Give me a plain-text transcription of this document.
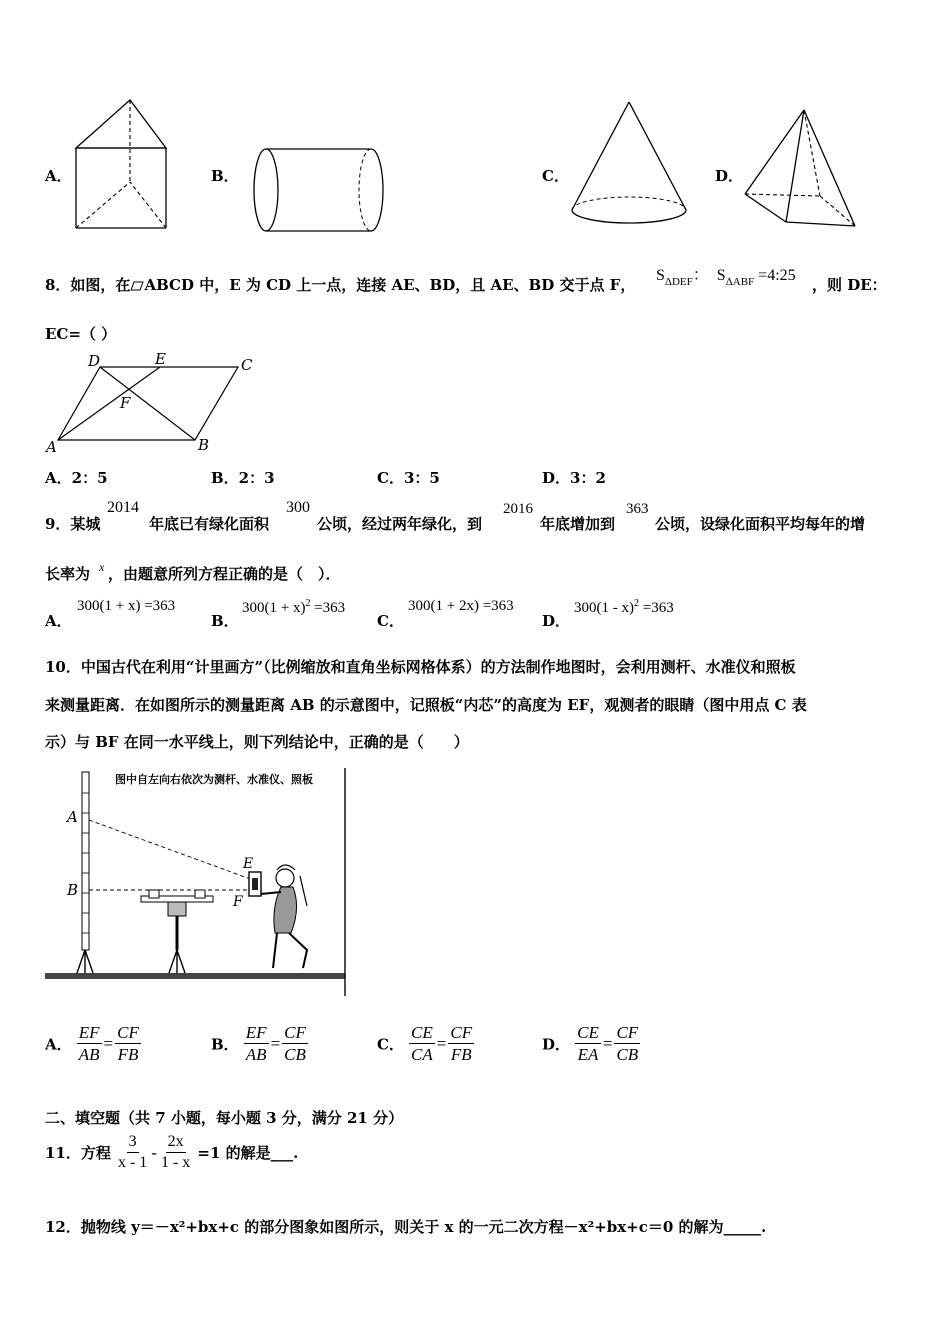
A．	B．	C．	D．
8．如图，在 ABCD 中，E 为 CD 上一点，连接 AE、BD，且 AE、BD 交于点 F，
$S_{\Delta DEF}$： $S_{\Delta ABF}$ =4:25
，则 DE：
EC=（ ）
D	E	C
F
A	B
A．2：5	B．2：3	C．3：5	D．3：2
9．某城
2014
年底已有绿化面积
300
公顷，经过两年绿化，到
2016
年底增加到
363
公顷，设绿化面积平均每年的增
长率为 x ，由题意所列方程正确的是（　）．
A．
300(1 + x) =363
B．
$300(1 + x)^2 =363$
C．
300(1 + 2x) =363
D．
300(1 - x)$^2$ =363
10．中国古代在利用“计里画方”（比例缩放和直角坐标网格体系）的方法制作地图时，会利用测杆、水准仪和照板
来测量距离．在如图所示的测量距离 AB 的示意图中，记照板“内芯”的高度为 EF，观测者的眼睛（图中用点 C 表
示）与 BF 在同一水平线上，则下列结论中，正确的是（　　）
图中自左向右依次为测杆、水准仪、照板
A
B
E
F
A． $\frac{EF}{AB} = \frac{CF}{FB}$	B． $\frac{EF}{AB} = \frac{CF}{CB}$	C． $\frac{CE}{CA} = \frac{CF}{FB}$	D． $\frac{CE}{EA} = \frac{CF}{CB}$
二、填空题（共 7 小题，每小题 3 分，满分 21 分）
11．方程 $\frac{3}{x - 1} - \frac{2x}{1 - x} =1$ 的解是___.
12．抛物线 y＝－x²+bx+c 的部分图象如图所示，则关于 x 的一元二次方程－x²+bx+c＝0 的解为_____.
